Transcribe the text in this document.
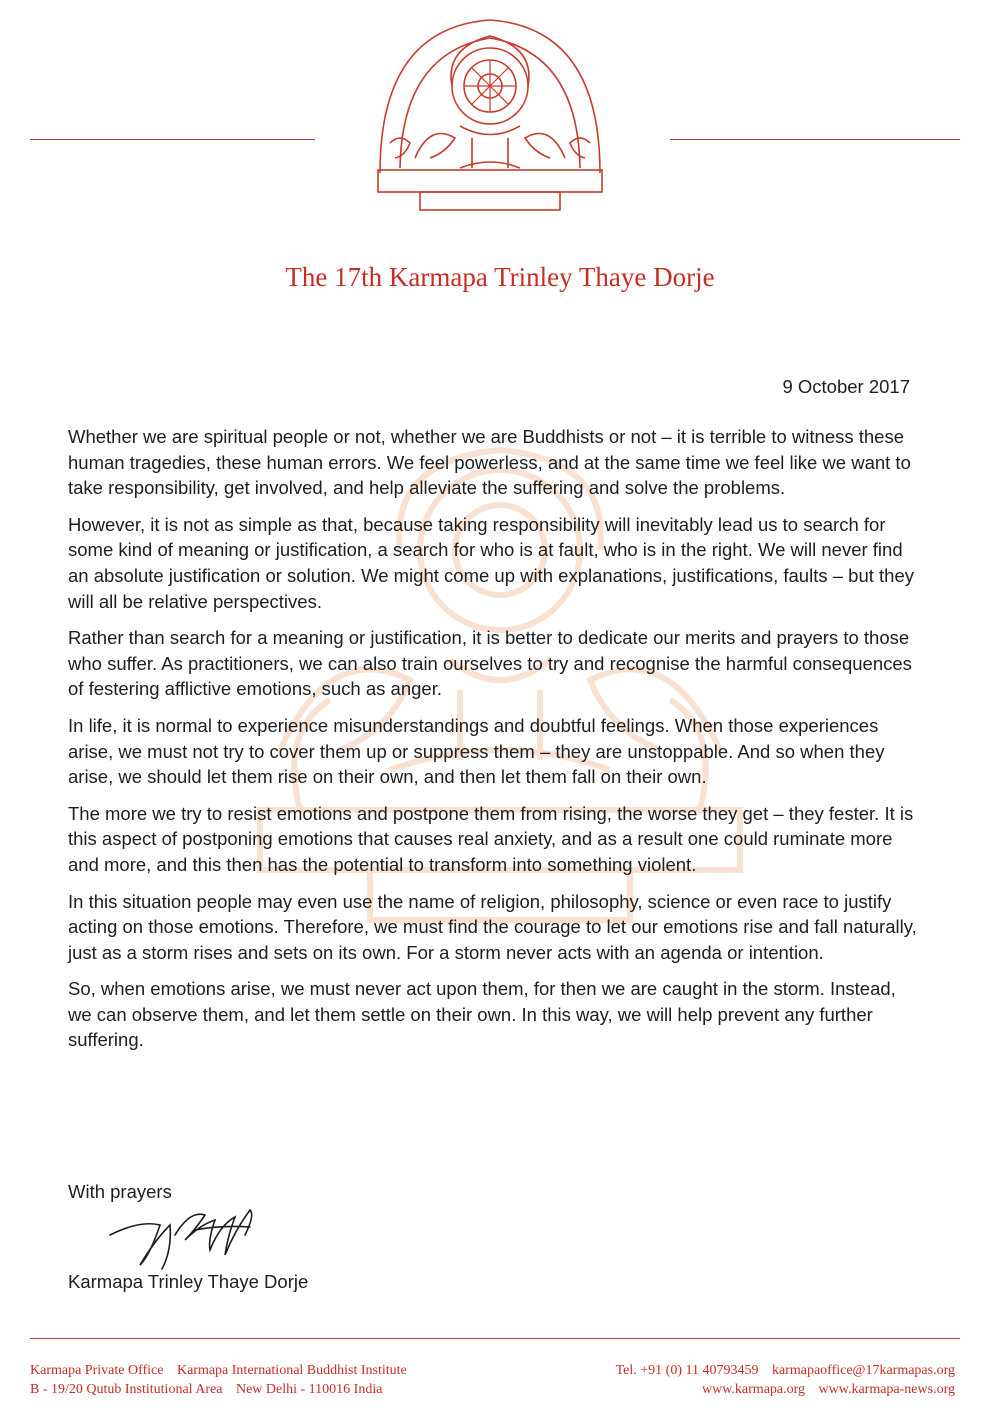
The 17th Karmapa Trinley Thaye Dorje
9 October 2017

Whether we are spiritual people or not, whether we are Buddhists or not – it is terrible to witness these human tragedies, these human errors. We feel powerless, and at the same time we feel like we want to take responsibility, get involved, and help alleviate the suffering and solve the problems.

However, it is not as simple as that, because taking responsibility will inevitably lead us to search for some kind of meaning or justification, a search for who is at fault, who is in the right. We will never find an absolute justification or solution. We might come up with explanations, justifications, faults – but they will all be relative perspectives.

Rather than search for a meaning or justification, it is better to dedicate our merits and prayers to those who suffer. As practitioners, we can also train ourselves to try and recognise the harmful consequences of festering afflictive emotions, such as anger.

In life, it is normal to experience misunderstandings and doubtful feelings. When those experiences arise, we must not try to cover them up or suppress them – they are unstoppable. And so when they arise, we should let them rise on their own, and then let them fall on their own.

The more we try to resist emotions and postpone them from rising, the worse they get – they fester. It is this aspect of postponing emotions that causes real anxiety, and as a result one could ruminate more and more, and this then has the potential to transform into something violent.

In this situation people may even use the name of religion, philosophy, science or even race to justify acting on those emotions. Therefore, we must find the courage to let our emotions rise and fall naturally, just as a storm rises and sets on its own. For a storm never acts with an agenda or intention.

So, when emotions arise, we must never act upon them, for then we are caught in the storm. Instead, we can observe them, and let them settle on their own. In this way, we will help prevent any further suffering.

With prayers
Karmapa Trinley Thaye Dorje
Karmapa Private Office Karmapa International Buddhist Institute
B - 19/20 Qutub Institutional Area New Delhi - 110016 India
Tel. +91 (0) 11 40793459 karmapaoffice@17karmapas.org
www.karmapa.org www.karmapa-news.org
